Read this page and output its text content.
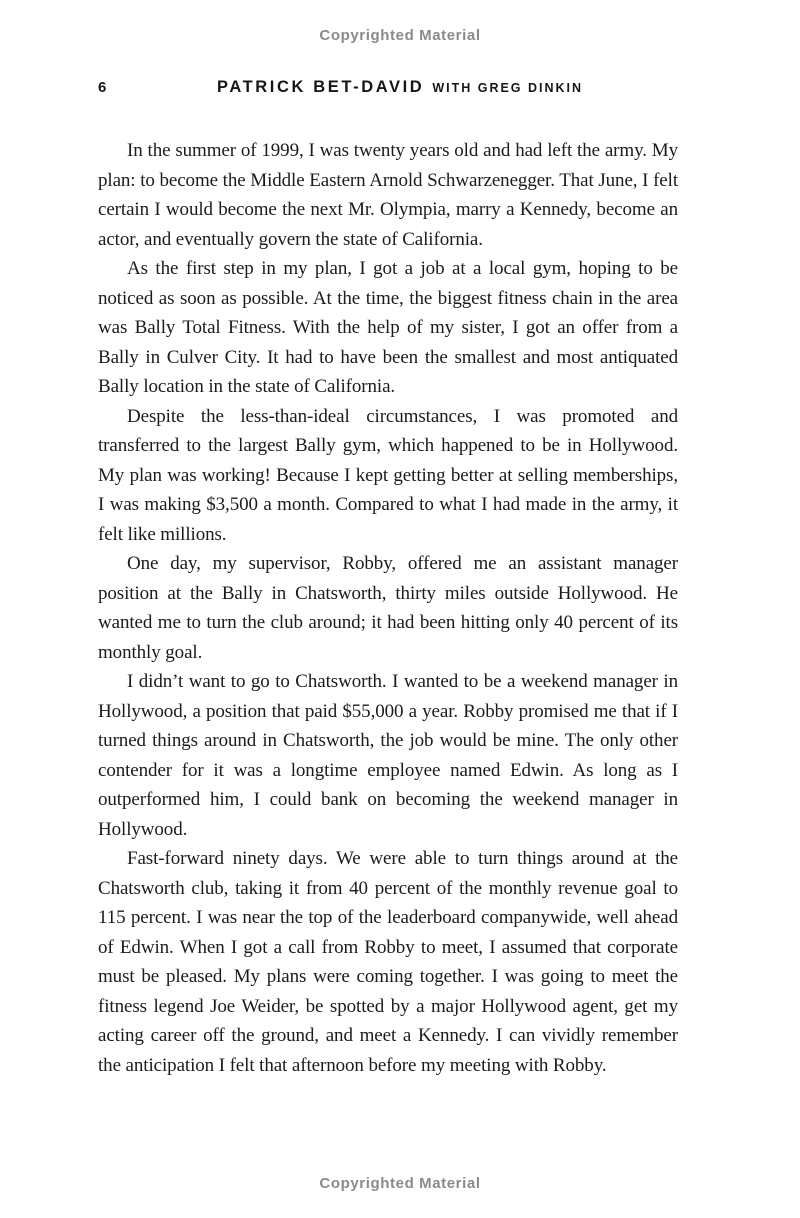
Copyrighted Material
6	PATRICK BET-DAVID WITH GREG DINKIN

In the summer of 1999, I was twenty years old and had left the army. My plan: to become the Middle Eastern Arnold Schwarzenegger. That June, I felt certain I would become the next Mr. Olympia, marry a Kennedy, become an actor, and eventually govern the state of California.

As the first step in my plan, I got a job at a local gym, hoping to be noticed as soon as possible. At the time, the biggest fitness chain in the area was Bally Total Fitness. With the help of my sister, I got an offer from a Bally in Culver City. It had to have been the smallest and most antiquated Bally location in the state of California.

Despite the less-than-ideal circumstances, I was promoted and transferred to the largest Bally gym, which happened to be in Hollywood. My plan was working! Because I kept getting better at selling memberships, I was making $3,500 a month. Compared to what I had made in the army, it felt like millions.

One day, my supervisor, Robby, offered me an assistant manager position at the Bally in Chatsworth, thirty miles outside Hollywood. He wanted me to turn the club around; it had been hitting only 40 percent of its monthly goal.

I didn’t want to go to Chatsworth. I wanted to be a weekend manager in Hollywood, a position that paid $55,000 a year. Robby promised me that if I turned things around in Chatsworth, the job would be mine. The only other contender for it was a longtime employee named Edwin. As long as I outperformed him, I could bank on becoming the weekend manager in Hollywood.

Fast-forward ninety days. We were able to turn things around at the Chatsworth club, taking it from 40 percent of the monthly revenue goal to 115 percent. I was near the top of the leaderboard companywide, well ahead of Edwin. When I got a call from Robby to meet, I assumed that corporate must be pleased. My plans were coming together. I was going to meet the fitness legend Joe Weider, be spotted by a major Hollywood agent, get my acting career off the ground, and meet a Kennedy. I can vividly remember the anticipation I felt that afternoon before my meeting with Robby.

Copyrighted Material
